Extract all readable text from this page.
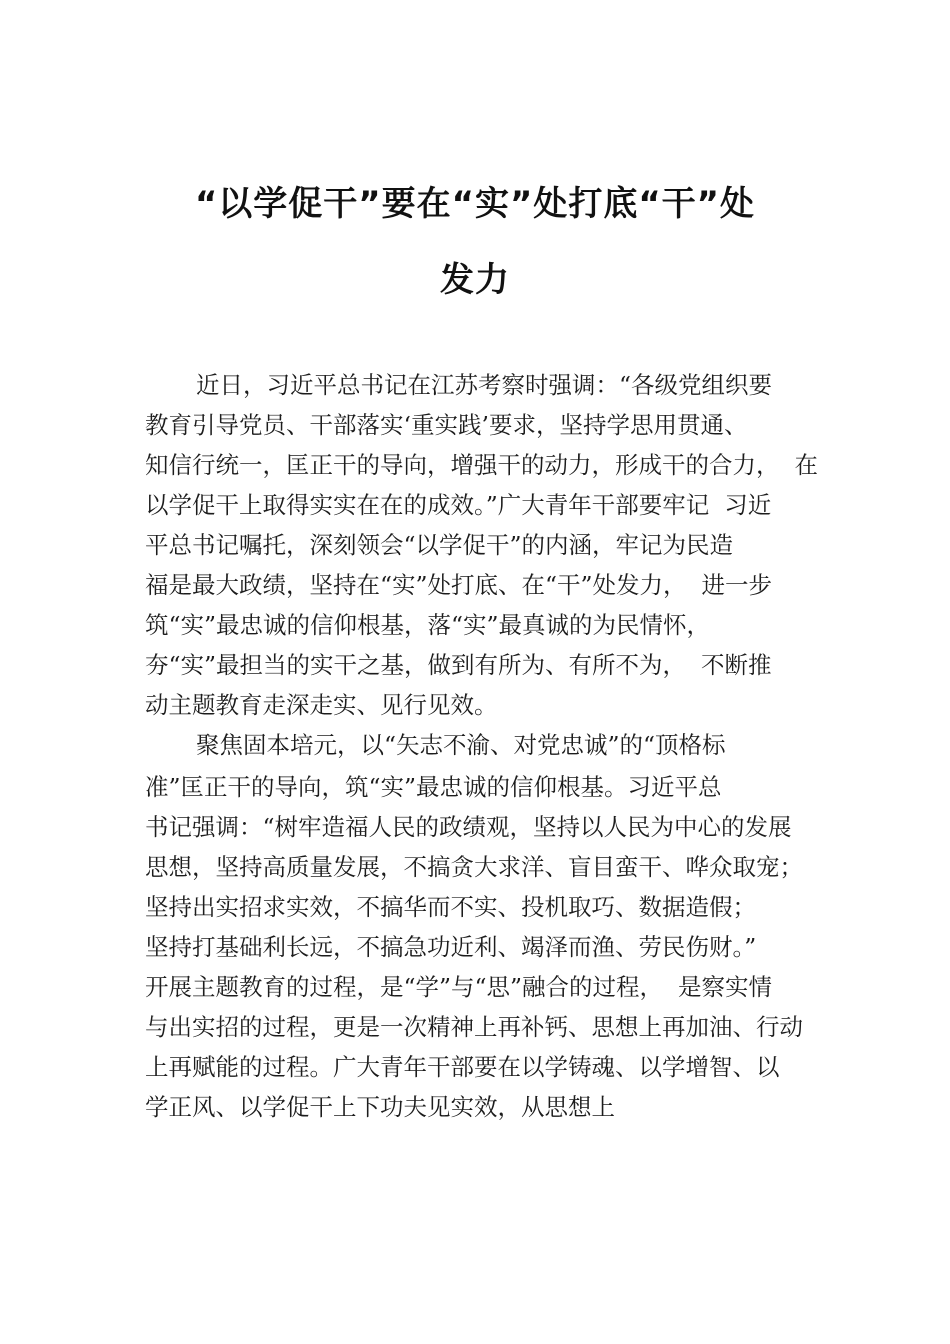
“以学促干”要在“实”处打底“干”处
发力
近日，习近平总书记在江苏考察时强调：“各级党组织要
教育引导党员、干部落实‘重实践’要求，坚持学思用贯通、
知信行统一，匡正干的导向，增强干的动力，形成干的合力，  在
以学促干上取得实实在在的成效。”广大青年干部要牢记  习近
平总书记嘱托，深刻领会“以学促干”的内涵，牢记为民造
福是最大政绩，坚持在“实”处打底、在“干”处发力，  进一步
筑“实”最忠诚的信仰根基，落“实”最真诚的为民情怀，
夯“实”最担当的实干之基，做到有所为、有所不为，  不断推
动主题教育走深走实、见行见效。
聚焦固本培元，以“矢志不渝、对党忠诚”的“顶格标
准”匡正干的导向，筑“实”最忠诚的信仰根基。习近平总
书记强调：“树牢造福人民的政绩观，坚持以人民为中心的发展
思想，坚持高质量发展，不搞贪大求洋、盲目蛮干、哗众取宠；
坚持出实招求实效，不搞华而不实、投机取巧、数据造假；
坚持打基础利长远，不搞急功近利、竭泽而渔、劳民伤财。”
开展主题教育的过程，是“学”与“思”融合的过程，  是察实情
与出实招的过程，更是一次精神上再补钙、思想上再加油、行动
上再赋能的过程。广大青年干部要在以学铸魂、以学增智、以
学正风、以学促干上下功夫见实效，从思想上
